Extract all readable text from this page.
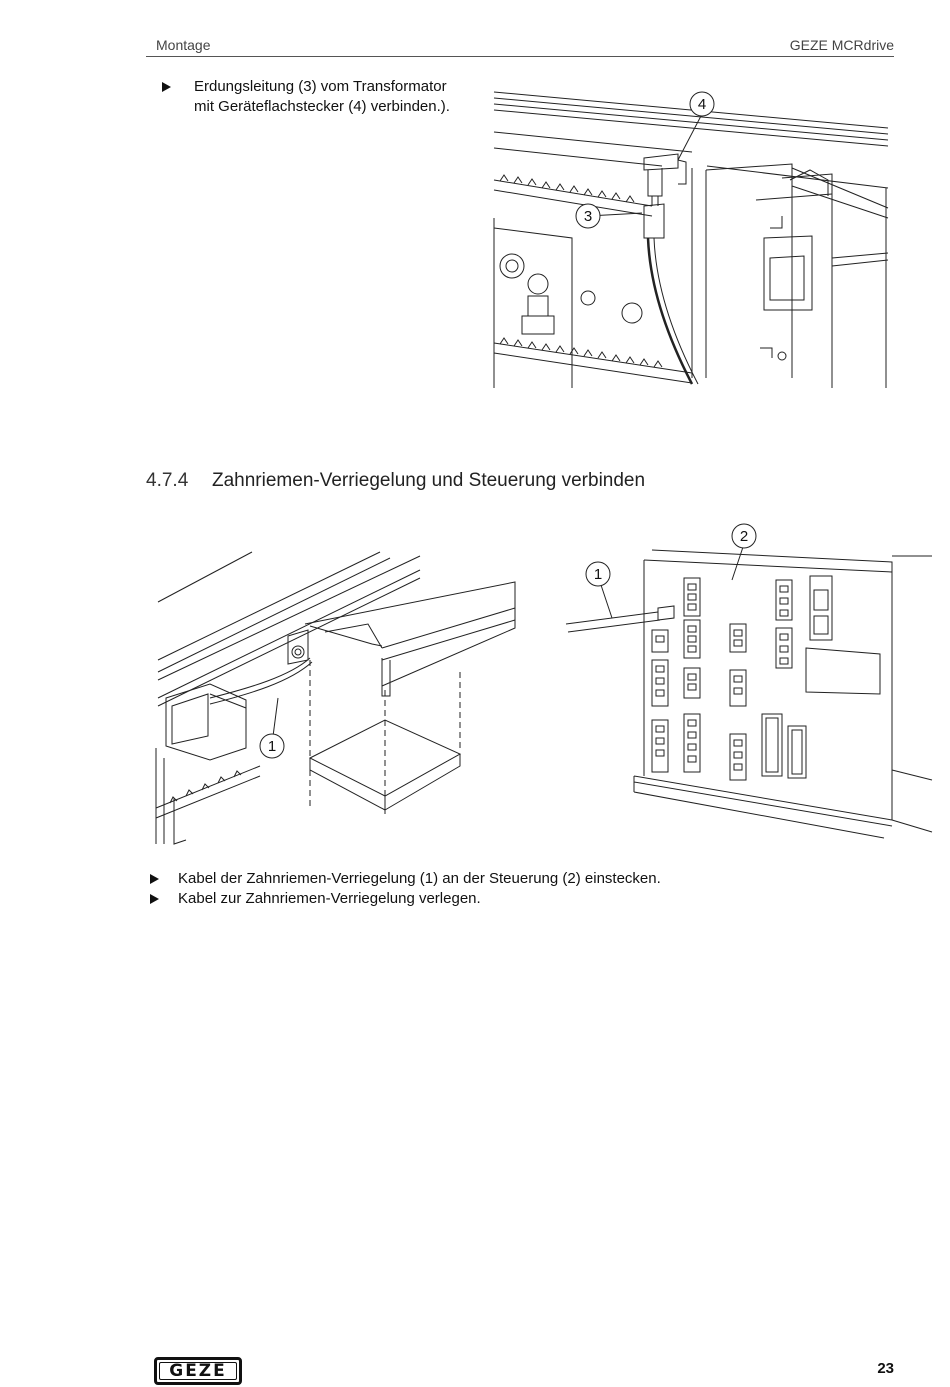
Montage	GEZE MCRdrive
Erdungsleitung (3) vom Transformator
mit Geräteflachstecker (4) verbinden.).
3
4
4.7.4 Zahnriemen-Verriegelung und Steuerung verbinden
1
1
2
Kabel der Zahnriemen-Verriegelung (1) an der Steuerung (2) einstecken.
Kabel zur Zahnriemen-Verriegelung verlegen.
GEZE	23
